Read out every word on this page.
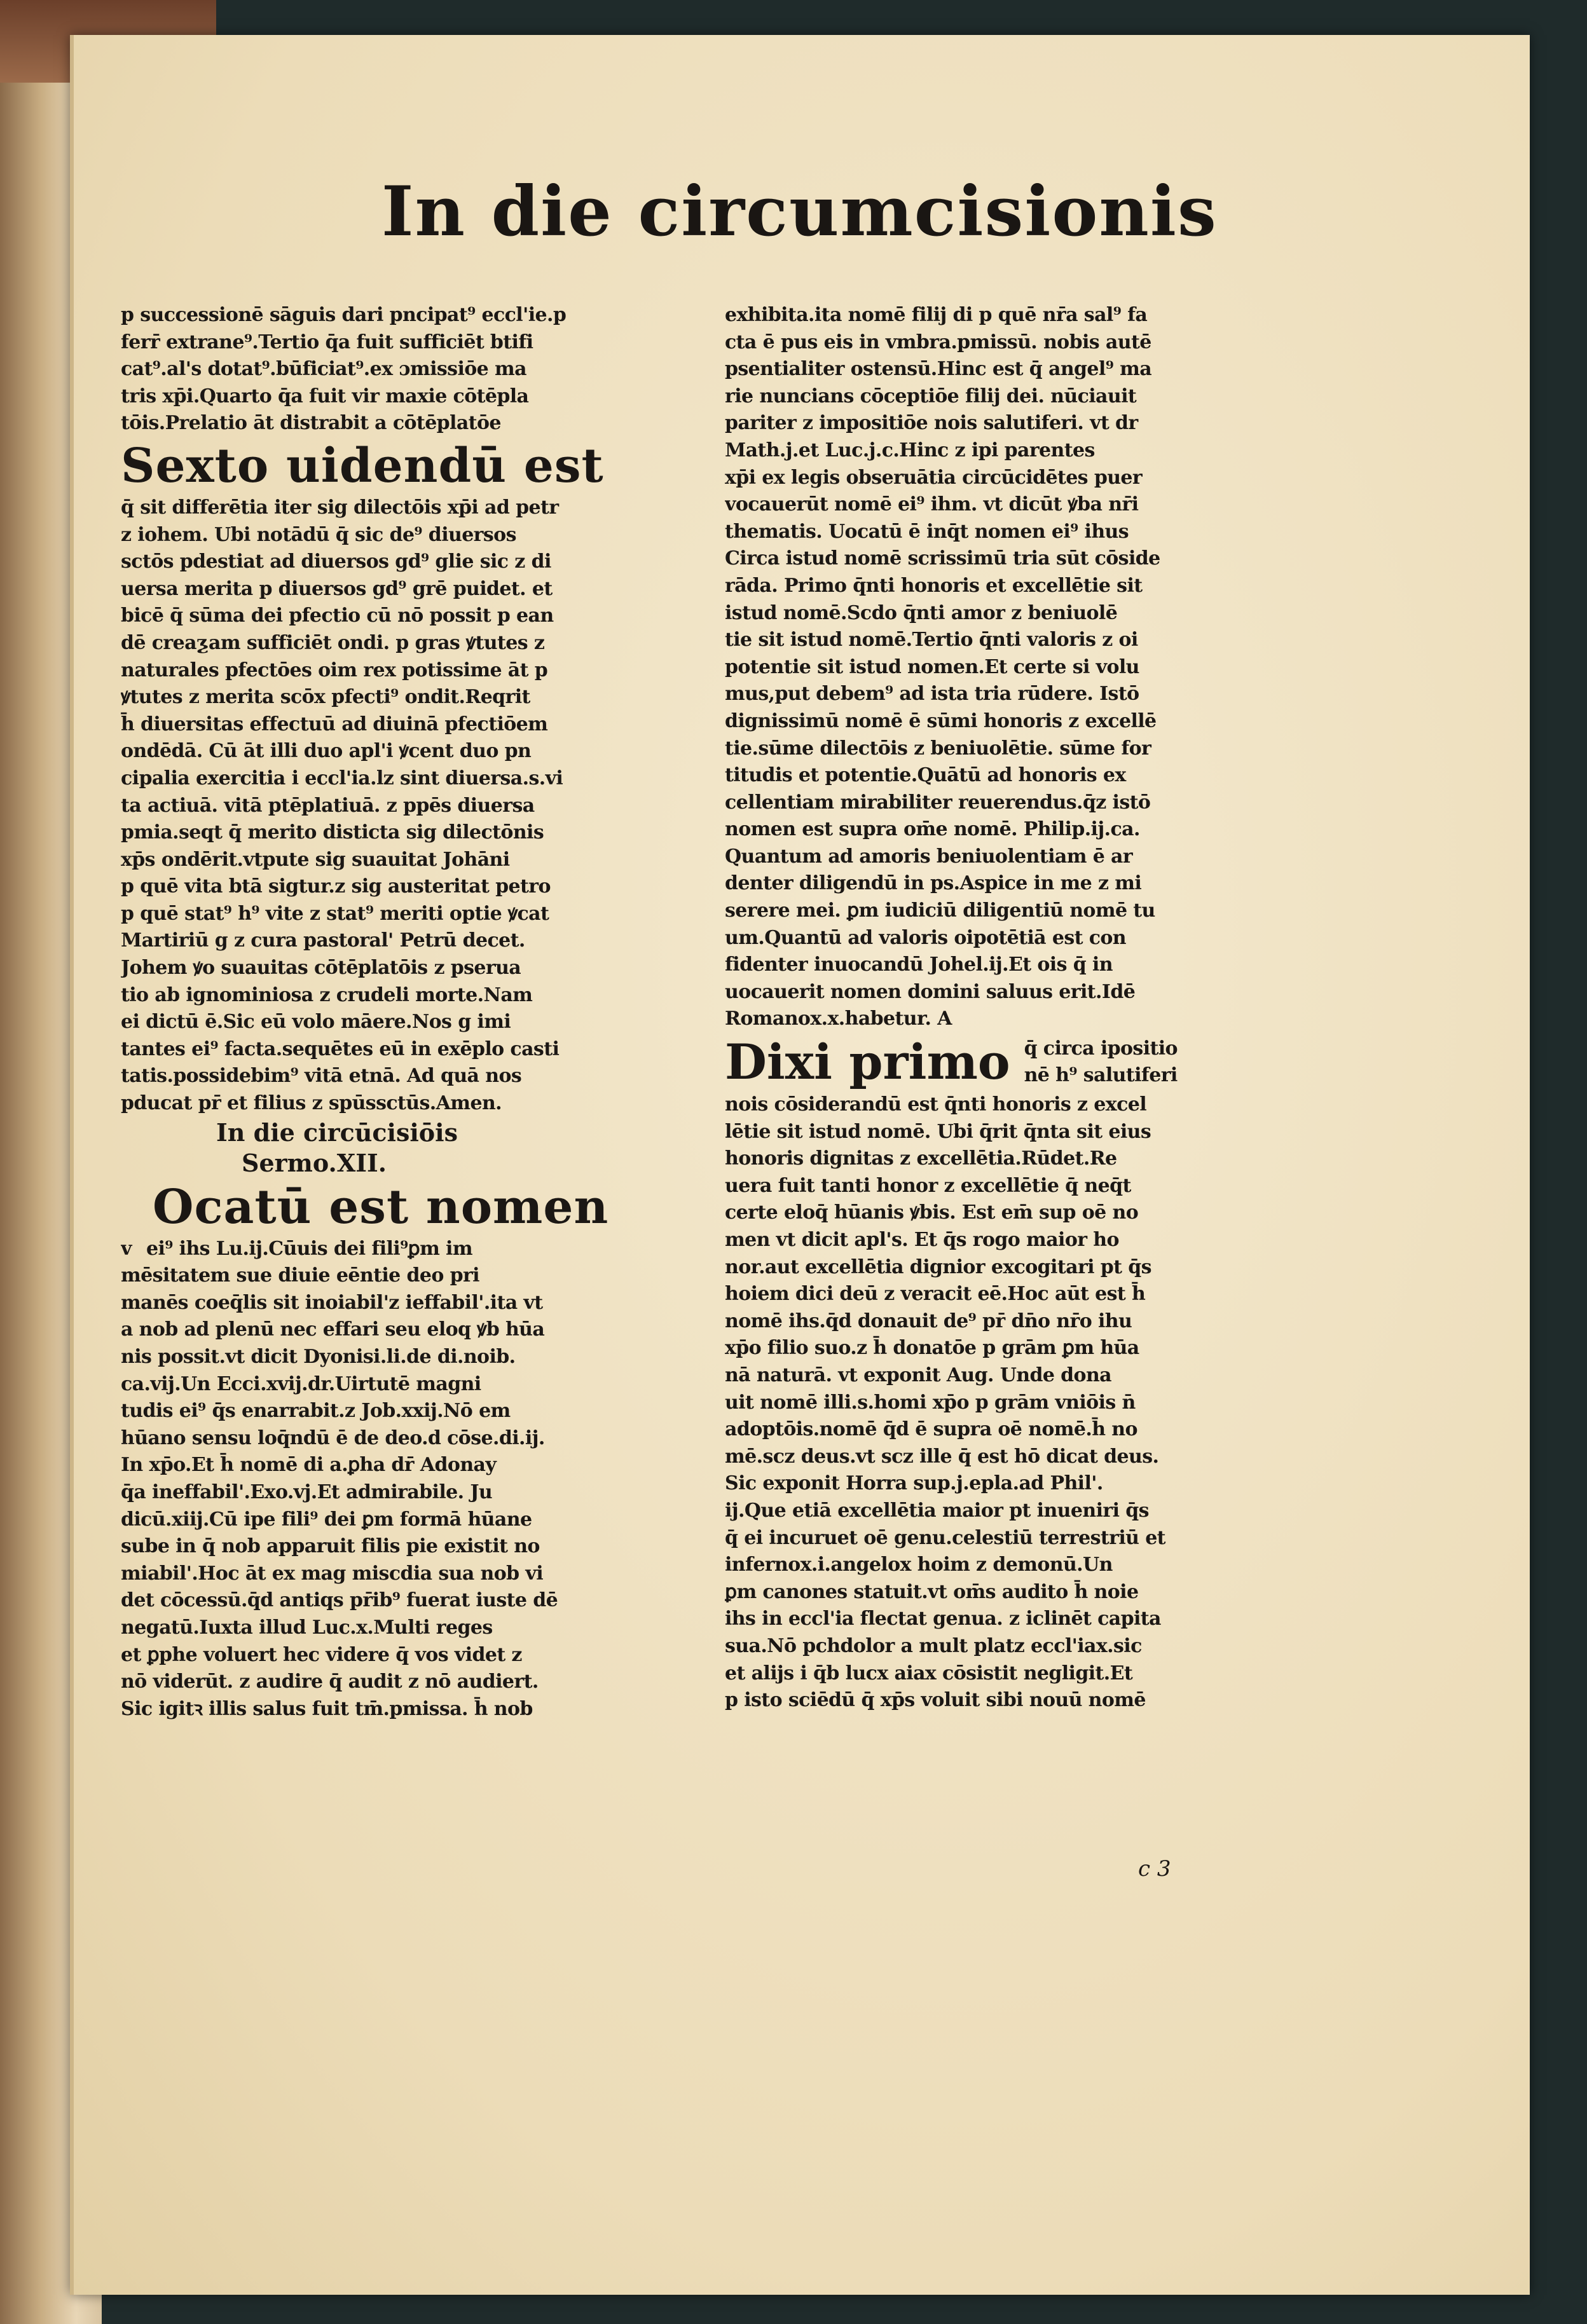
In die circumcisionis
p successionē sāguis dari pncipat⁹ eccl'ie.p
ferr̄ extrane⁹.Tertio q̄a fuit sufficiēt btifi
cat⁹.al's dotat⁹.būficiat⁹.ex ɔmissiōe ma
tris xp̄i.Quarto q̄a fuit vir maxie cōtēpla
tōis.Prelatio āt distrabit a cōtēplatōe
Sexto uidendū est
q̄ sit differētia iter sig dilectōis xp̄i ad petr
z iohem. Ubi notādū q̄ sic de⁹ diuersos
sctōs pdestiat ad diuersos gd⁹ glie sic z di
uersa merita p diuersos gd⁹ grē puidet. et
bicē q̄ sūma dei pfectio cū nō possit p ean
dē creaƺam sufficiēt ondi. p gras ꝟtutes z
naturales pfectōes oim rex potissime āt p
ꝟtutes z merita scōx pfecti⁹ ondit.Reqrit
h̄ diuersitas effectuū ad diuinā pfectiōem
ondēdā. Cū āt illi duo apl'i ꝟcent duo pn
cipalia exercitia i eccl'ia.lz sint diuersa.s.vi
ta actiuā. vitā ptēplatiuā. z ppēs diuersa
pmia.seqt q̄ merito disticta sig dilectōnis
xp̄s ondērit.vtpute sig suauitat Johāni
p quē vita btā sigtur.z sig austeritat petro
p quē stat⁹ h⁹ vite z stat⁹ meriti optie ꝟcat
Martiriū g z cura pastoral' Petrū decet.
Johem ꝟo suauitas cōtēplatōis z pserua
tio ab ignominiosa z crudeli morte.Nam
ei dictū ē.Sic eū volo māere.Nos g imi
tantes ei⁹ facta.sequētes eū in exēplo casti
tatis.possidebim⁹ vitā etnā. Ad quā nos
pducat pr̄ et filius z spūssctūs.Amen.
In die circūcisiōis
Sermo.XII.
Ocatū est nomen
v ei⁹ ihs Lu.ij.Cūuis dei fili⁹ꝑm im
mēsitatem sue diuie eēntie deo pri
manēs coeq̄lis sit inoiabil'z ieffabil'.ita vt
a nob ad plenū nec effari seu eloq ꝟb hūa
nis possit.vt dicit Dyonisi.li.de di.noib.
ca.vij.Un Ecci.xvij.dr.Uirtutē magni
tudis ei⁹ q̄s enarrabit.z Job.xxij.Nō em
hūano sensu loq̄ndū ē de deo.d cōse.di.ij.
In xp̄o.Et h̄ nomē di a.ꝑha dr̄ Adonay
q̄a ineffabil'.Exo.vj.Et admirabile. Ju
dicū.xiij.Cū ipe fili⁹ dei ꝑm formā hūane
sube in q̄ nob apparuit filis pie existit no
miabil'.Hoc āt ex mag miscdia sua nob vi
det cōcessū.q̄d antiqs pr̄ib⁹ fuerat iuste dē
negatū.Iuxta illud Luc.x.Multi reges
et ꝑphe voluert hec videre q̄ vos videt z
nō viderūt. z audire q̄ audit z nō audiert.
Sic igitꝛ illis salus fuit tm̄.pmissa. h̄ nob
exhibita.ita nomē filij di p quē nr̄a sal⁹ fa
cta ē pus eis in vmbra.pmissū. nobis autē
psentialiter ostensū.Hinc est q̄ angel⁹ ma
rie nuncians cōceptiōe filij dei. nūciauit
pariter z impositiōe nois salutiferi. vt dr
Math.j.et Luc.j.c.Hinc z ipi parentes
xp̄i ex legis obseruātia circūcidētes puer
vocauerūt nomē ei⁹ ihm. vt dicūt ꝟba nr̄i
thematis. Uocatū ē inq̄t nomen ei⁹ ihus
Circa istud nomē scrissimū tria sūt cōside
rāda. Primo q̄nti honoris et excellētie sit
istud nomē.Scdo q̄nti amor z beniuolē
tie sit istud nomē.Tertio q̄nti valoris z oi
potentie sit istud nomen.Et certe si volu
mus,put debem⁹ ad ista tria rūdere. Istō
dignissimū nomē ē sūmi honoris z excellē
tie.sūme dilectōis z beniuolētie. sūme for
titudis et potentie.Quātū ad honoris ex
cellentiam mirabiliter reuerendus.q̄z istō
nomen est supra om̄e nomē. Philip.ij.ca.
Quantum ad amoris beniuolentiam ē ar
denter diligendū in ps.Aspice in me z mi
serere mei. ꝑm iudiciū diligentiū nomē tu
um.Quantū ad valoris oipotētiā est con
fidenter inuocandū Johel.ij.Et ois q̄ in
uocauerit nomen domini saluus erit.Idē
Romanox.x.habetur. A
Dixi primo q̄ circa ipositio
nē h⁹ salutiferi
nois cōsiderandū est q̄nti honoris z excel
lētie sit istud nomē. Ubi q̄rit q̄nta sit eius
honoris dignitas z excellētia.Rūdet.Re
uera fuit tanti honor z excellētie q̄ neq̄t
certe eloq̄ hūanis ꝟbis. Est em̄ sup oē no
men vt dicit apl's. Et q̄s rogo maior ho
nor.aut excellētia dignior excogitari pt q̄s
hoiem dici deū z veracit eē.Hoc aūt est h̄
nomē ihs.q̄d donauit de⁹ pr̄ dn̄o nr̄o ihu
xp̄o filio suo.z h̄ donatōe p grām ꝑm hūa
nā naturā. vt exponit Aug. Unde dona
uit nomē illi.s.homi xp̄o p grām vniōis n̄
adoptōis.nomē q̄d ē supra oē nomē.h̄ no
mē.scz deus.vt scz ille q̄ est hō dicat deus.
Sic exponit Horra sup.j.epla.ad Phil'.
ij.Que etiā excellētia maior pt inueniri q̄s
q̄ ei incuruet oē genu.celestiū terrestriū et
infernox.i.angelox hoim z demonū.Un
ꝑm canones statuit.vt om̄s audito h̄ noie
ihs in eccl'ia flectat genua. z iclinēt capita
sua.Nō pchdolor a mult platz eccl'iax.sic
et alijs i q̄b lucx aiax cōsistit negligit.Et
p isto sciēdū q̄ xp̄s voluit sibi nouū nomē
c 3
